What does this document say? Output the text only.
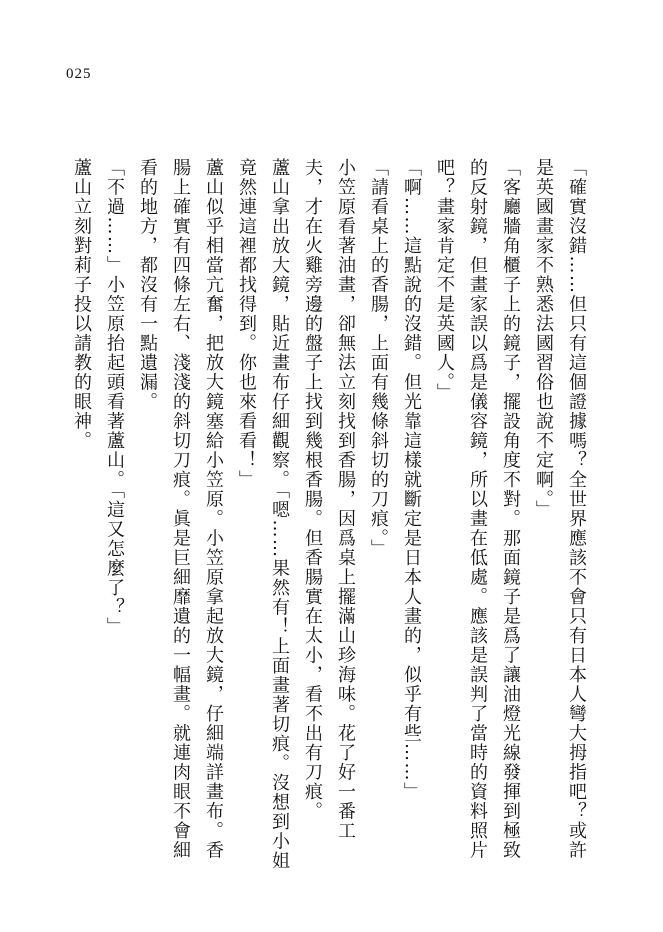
025

「確實沒錯……但只有這個證據嗎？全世界應該不會只有日本人彎大拇指吧？或許是英國畫家不熟悉法國習俗也說不定啊。」

「客廳牆角櫃子上的鏡子，擺設角度不對。那面鏡子是爲了讓油燈光線發揮到極致的反射鏡，但畫家誤以爲是儀容鏡，所以畫在低處。應該是誤判了當時的資料照片吧？畫家肯定不是英國人。」

「啊……這點說的沒錯。但光靠這樣就斷定是日本人畫的，似乎有些……」

「請看桌上的香腸，上面有幾條斜切的刀痕。」

小笠原看著油畫，卻無法立刻找到香腸，因爲桌上擺滿山珍海味。花了好一番工夫，才在火雞旁邊的盤子上找到幾根香腸。但香腸實在太小，看不出有刀痕。

蘆山拿出放大鏡，貼近畫布仔細觀察。「嗯……果然有！上面畫著切痕。沒想到小姐竟然連這裡都找得到。你也來看看！」

蘆山似乎相當亢奮，把放大鏡塞給小笠原。小笠原拿起放大鏡，仔細端詳畫布。香腸上確實有四條左右、淺淺的斜切刀痕。眞是巨細靡遺的一幅畫。就連肉眼不會細看的地方，都沒有一點遺漏。

「不過……」小笠原抬起頭看著蘆山。「這又怎麼了？」

蘆山立刻對莉子投以請教的眼神。
